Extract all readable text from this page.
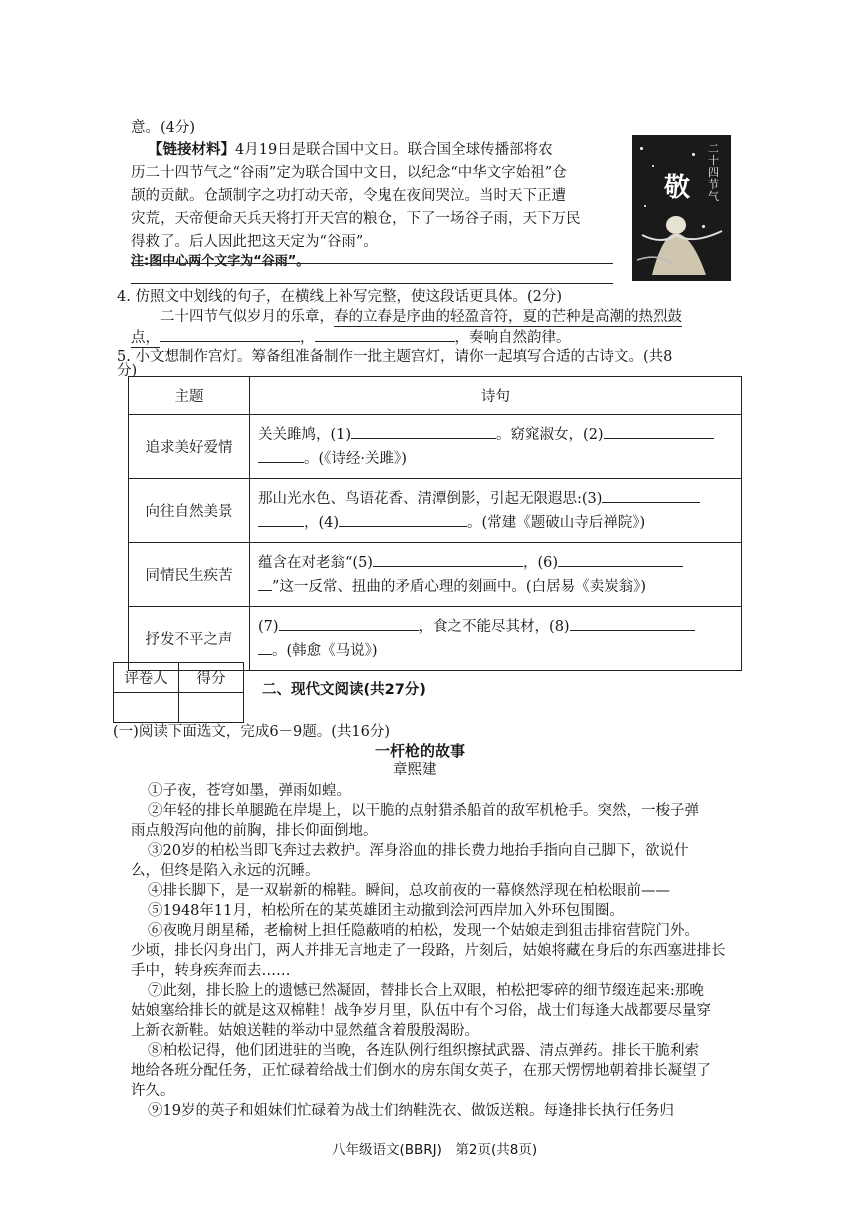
意。(4分)
【链接材料】4月19日是联合国中文日。联合国全球传播部将农
历二十四节气之“谷雨”定为联合国中文日，以纪念“中华文字始祖”仓
颉的贡献。仓颉制字之功打动天帝，令鬼在夜间哭泣。当时天下正遭
灾荒，天帝便命天兵天将打开天宫的粮仓，下了一场谷子雨，天下万民
得救了。后人因此把这天定为“谷雨”。
注:图中心两个文字为“谷雨”。
敬
二十四节气
4. 仿照文中划线的句子，在横线上补写完整，使这段话更具体。(2分)
二十四节气似岁月的乐章，春的立春是序曲的轻盈音符，夏的芒种是高潮的热烈鼓
点，	，	，奏响自然韵律。
5. 小文想制作宫灯。筹备组准备制作一批主题宫灯，请你一起填写合适的古诗文。(共8
分)
主题	诗句
追求美好爱情	关关雎鸠，(1) 。窈窕淑女，(2)
。(《诗经·关雎》)
向往自然美景	那山光水色、鸟语花香、清潭倒影，引起无限遐思:(3)
，(4) 。(常建《题破山寺后禅院》)
同情民生疾苦	蕴含在对老翁“(5) ，(6)
”这一反常、扭曲的矛盾心理的刻画中。(白居易《卖炭翁》)
抒发不平之声	(7) ，食之不能尽其材，(8)
。(韩愈《马说》)
评卷人	得分

二、现代文阅读(共27分)
(一)阅读下面选文，完成6－9题。(共16分)
一杆枪的故事
章熙建
①子夜，苍穹如墨，弹雨如蝗。
②年轻的排长单腿跪在岸堤上，以干脆的点射猎杀船首的敌军机枪手。突然，一梭子弹
雨点般泻向他的前胸，排长仰面倒地。
③20岁的柏松当即飞奔过去救护。浑身浴血的排长费力地抬手指向自己脚下，欲说什
么，但终是陷入永远的沉睡。
④排长脚下，是一双崭新的棉鞋。瞬间，总攻前夜的一幕倏然浮现在柏松眼前——
⑤1948年11月，柏松所在的某英雄团主动撤到浍河西岸加入外环包围圈。
⑥夜晚月朗星稀，老榆树上担任隐蔽哨的柏松，发现一个姑娘走到狙击排宿营院门外。
少顷，排长闪身出门，两人并排无言地走了一段路，片刻后，姑娘将藏在身后的东西塞进排长
手中，转身疾奔而去……
⑦此刻，排长脸上的遗憾已然凝固，替排长合上双眼，柏松把零碎的细节缀连起来:那晚
姑娘塞给排长的就是这双棉鞋！战争岁月里，队伍中有个习俗，战士们每逢大战都要尽量穿
上新衣新鞋。姑娘送鞋的举动中显然蕴含着殷殷渴盼。
⑧柏松记得，他们团进驻的当晚，各连队例行组织擦拭武器、清点弹药。排长干脆利索
地给各班分配任务，正忙碌着给战士们倒水的房东闺女英子，在那天愣愣地朝着排长凝望了
许久。
⑨19岁的英子和姐妹们忙碌着为战士们纳鞋洗衣、做饭送粮。每逢排长执行任务归
八年级语文(BBRJ)　第2页(共8页)
